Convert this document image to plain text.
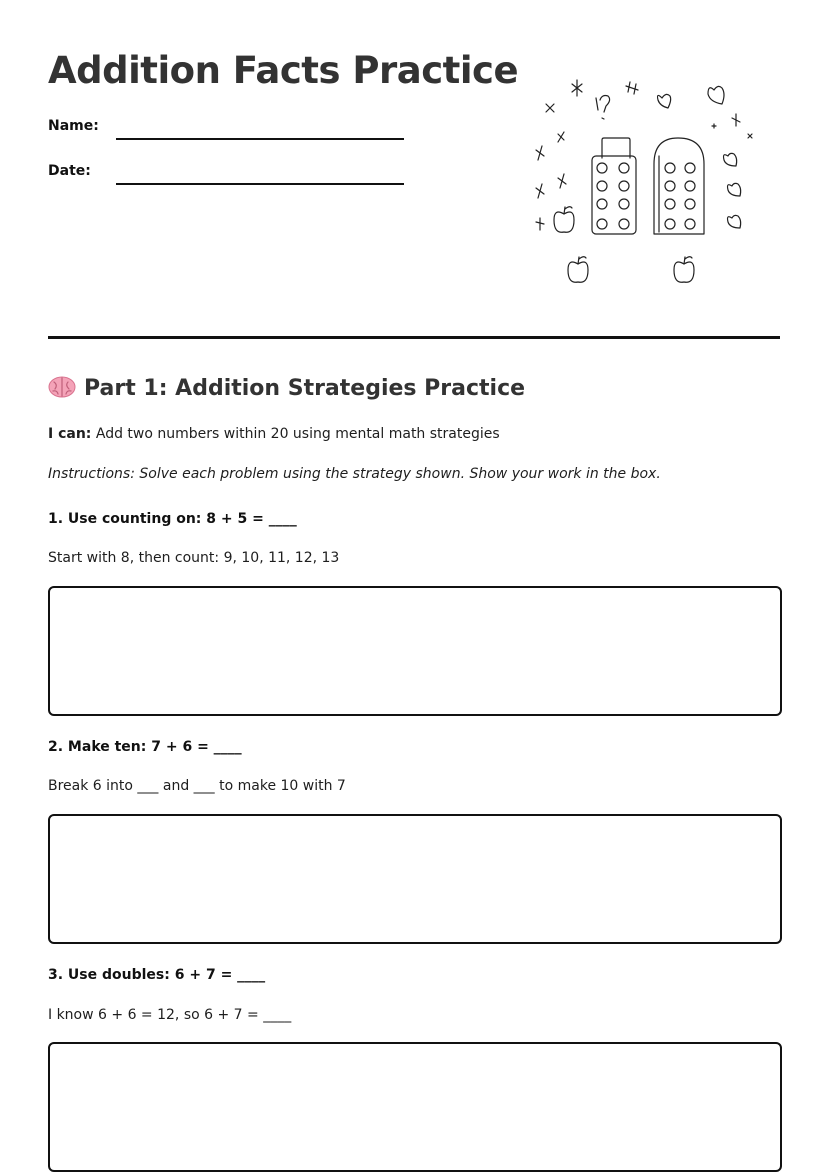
Addition Facts Practice
Name:
Date:
Part 1: Addition Strategies Practice
I can: Add two numbers within 20 using mental math strategies
Instructions: Solve each problem using the strategy shown. Show your work in the box.
1. Use counting on: 8 + 5 = ____
Start with 8, then count: 9, 10, 11, 12, 13
2. Make ten: 7 + 6 = ____
Break 6 into ___ and ___ to make 10 with 7
3. Use doubles: 6 + 7 = ____
I know 6 + 6 = 12, so 6 + 7 = ____
